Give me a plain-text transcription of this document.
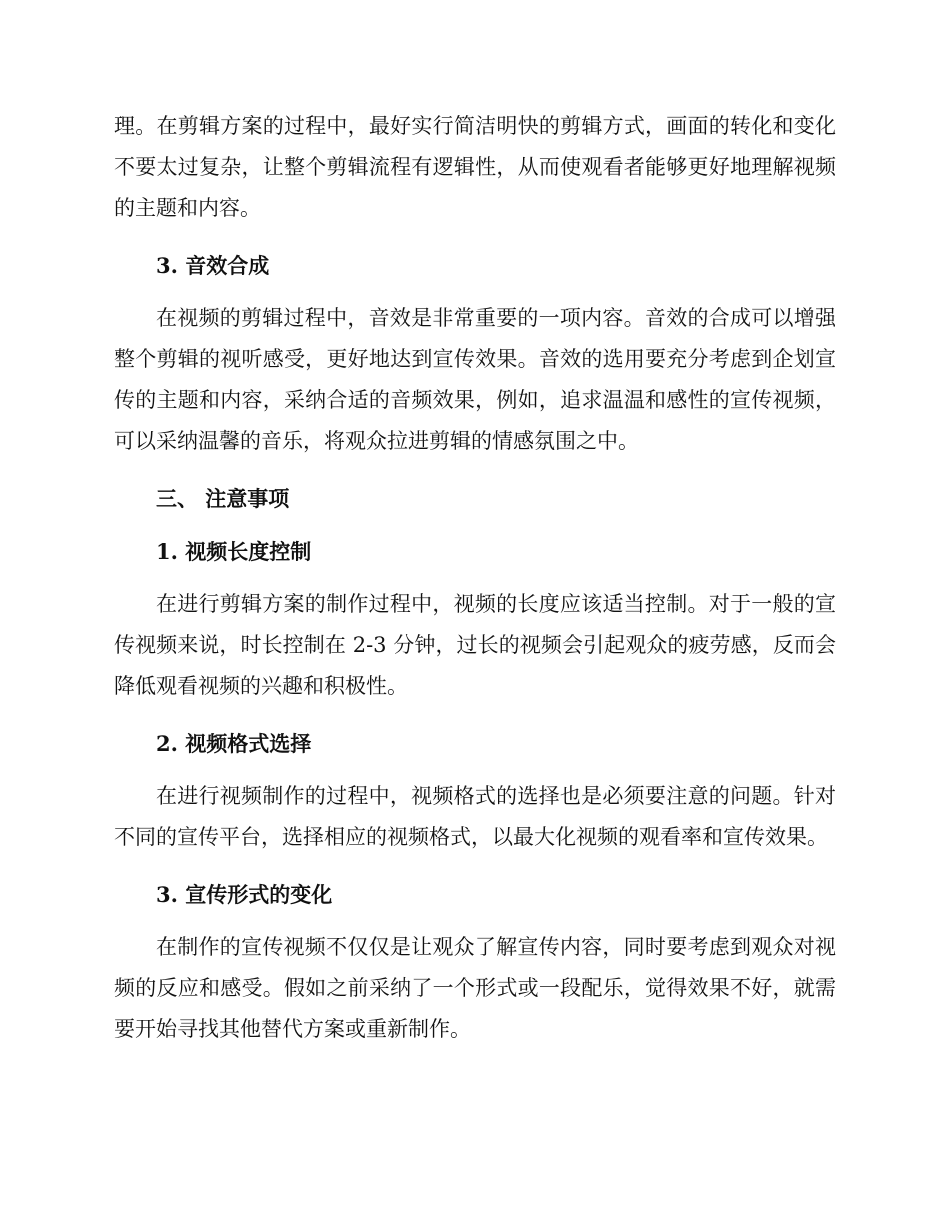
理。在剪辑方案的过程中，最好实行简洁明快的剪辑方式，画面的转化和变化不要太过复杂，让整个剪辑流程有逻辑性，从而使观看者能够更好地理解视频的主题和内容。

3. 音效合成

在视频的剪辑过程中，音效是非常重要的一项内容。音效的合成可以增强整个剪辑的视听感受，更好地达到宣传效果。音效的选用要充分考虑到企划宣传的主题和内容，采纳合适的音频效果，例如，追求温温和感性的宣传视频，可以采纳温馨的音乐，将观众拉进剪辑的情感氛围之中。

三、 注意事项

1. 视频长度控制

在进行剪辑方案的制作过程中，视频的长度应该适当控制。对于一般的宣传视频来说，时长控制在 2-3 分钟，过长的视频会引起观众的疲劳感，反而会降低观看视频的兴趣和积极性。

2. 视频格式选择

在进行视频制作的过程中，视频格式的选择也是必须要注意的问题。针对不同的宣传平台，选择相应的视频格式，以最大化视频的观看率和宣传效果。

3. 宣传形式的变化

在制作的宣传视频不仅仅是让观众了解宣传内容，同时要考虑到观众对视频的反应和感受。假如之前采纳了一个形式或一段配乐，觉得效果不好，就需要开始寻找其他替代方案或重新制作。
